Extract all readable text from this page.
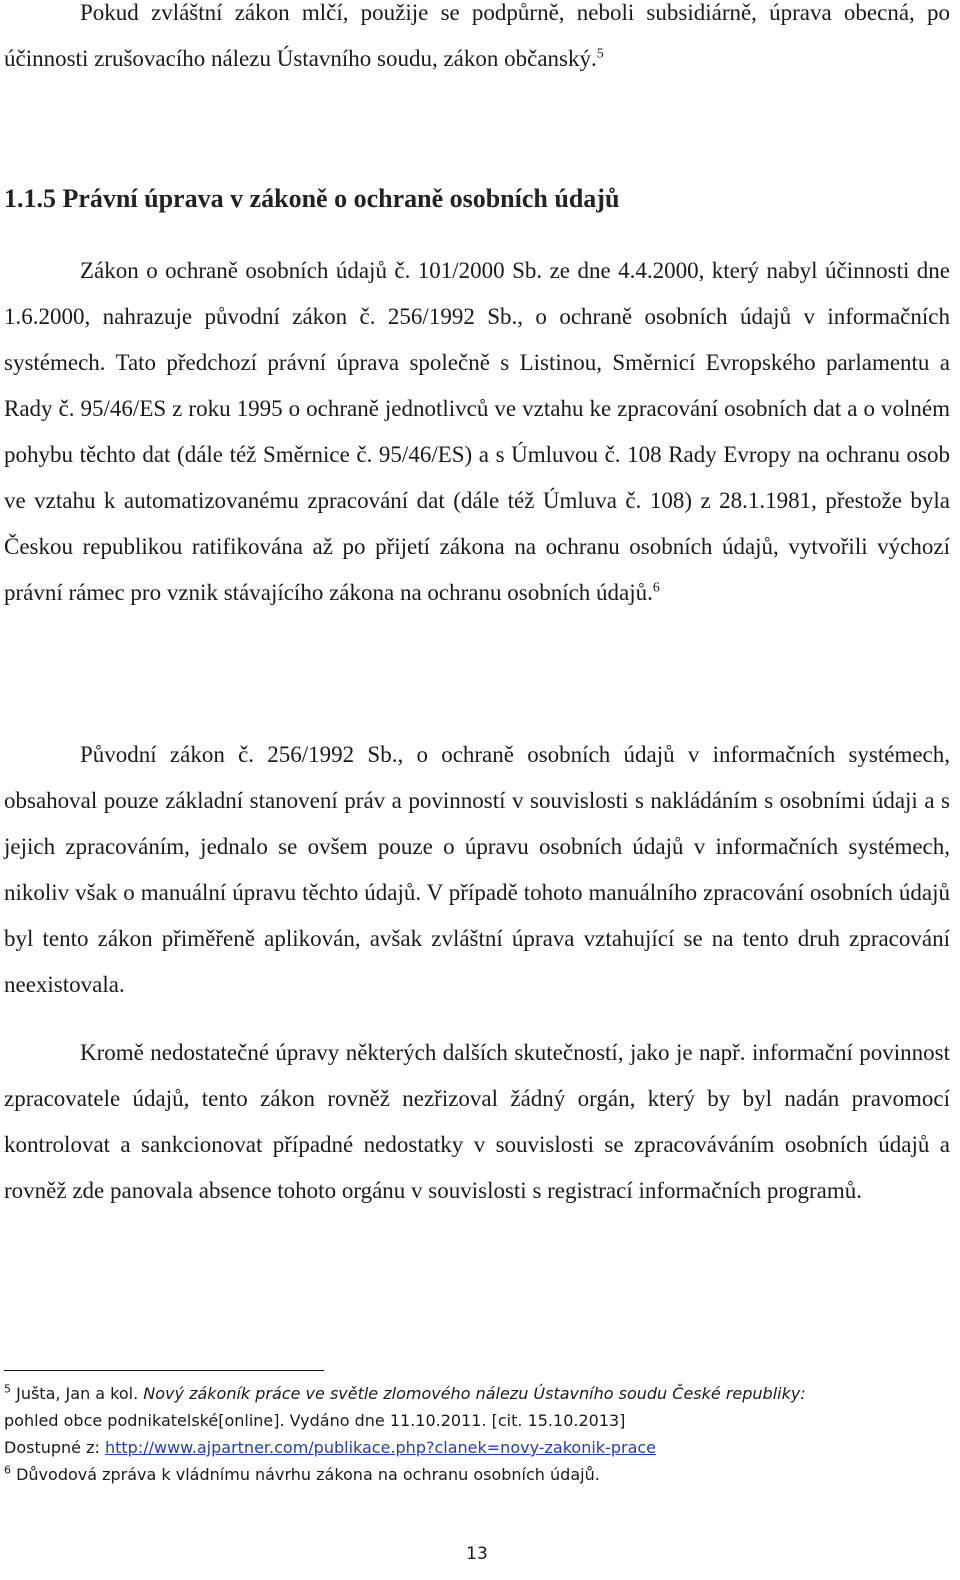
Pokud zvláštní zákon mlčí, použije se podpůrně, neboli subsidiárně, úprava obecná, po účinnosti zrušovacího nálezu Ústavního soudu, zákon občanský.$^5$

1.1.5 Právní úprava v zákoně o ochraně osobních údajů

Zákon o ochraně osobních údajů č. 101/2000 Sb. ze dne 4.4.2000, který nabyl účinnosti dne 1.6.2000, nahrazuje původní zákon č. 256/1992 Sb., o ochraně osobních údajů v informačních systémech. Tato předchozí právní úprava společně s Listinou, Směrnicí Evropského parlamentu a Rady č. 95/46/ES z roku 1995 o ochraně jednotlivců ve vztahu ke zpracování osobních dat a o volném pohybu těchto dat (dále též Směrnice č. 95/46/ES) a s Úmluvou č. 108 Rady Evropy na ochranu osob ve vztahu k automatizovanému zpracování dat (dále též Úmluva č. 108) z 28.1.1981, přestože byla Českou republikou ratifikována až po přijetí zákona na ochranu osobních údajů, vytvořili výchozí právní rámec pro vznik stávajícího zákona na ochranu osobních údajů.$^6$

Původní zákon č. 256/1992 Sb., o ochraně osobních údajů v informačních systémech, obsahoval pouze základní stanovení práv a povinností v souvislosti s nakládáním s osobními údaji a s jejich zpracováním, jednalo se ovšem pouze o úpravu osobních údajů v informačních systémech, nikoliv však o manuální úpravu těchto údajů. V případě tohoto manuálního zpracování osobních údajů byl tento zákon přiměřeně aplikován, avšak zvláštní úprava vztahující se na tento druh zpracování neexistovala.

Kromě nedostatečné úpravy některých dalších skutečností, jako je např. informační povinnost zpracovatele údajů, tento zákon rovněž nezřizoval žádný orgán, který by byl nadán pravomocí kontrolovat a sankcionovat případné nedostatky v souvislosti se zpracováváním osobních údajů a rovněž zde panovala absence tohoto orgánu v souvislosti s registrací informačních programů.

$^5$ Jušta, Jan a kol. Nový zákoník práce ve světle zlomového nálezu Ústavního soudu České republiky:

pohled obce podnikatelské[online]. Vydáno dne 11.10.2011. [cit. 15.10.2013]

Dostupné z: http://www.ajpartner.com/publikace.php?clanek=novy-zakonik-prace

$^6$ Důvodová zpráva k vládnímu návrhu zákona na ochranu osobních údajů.

13
